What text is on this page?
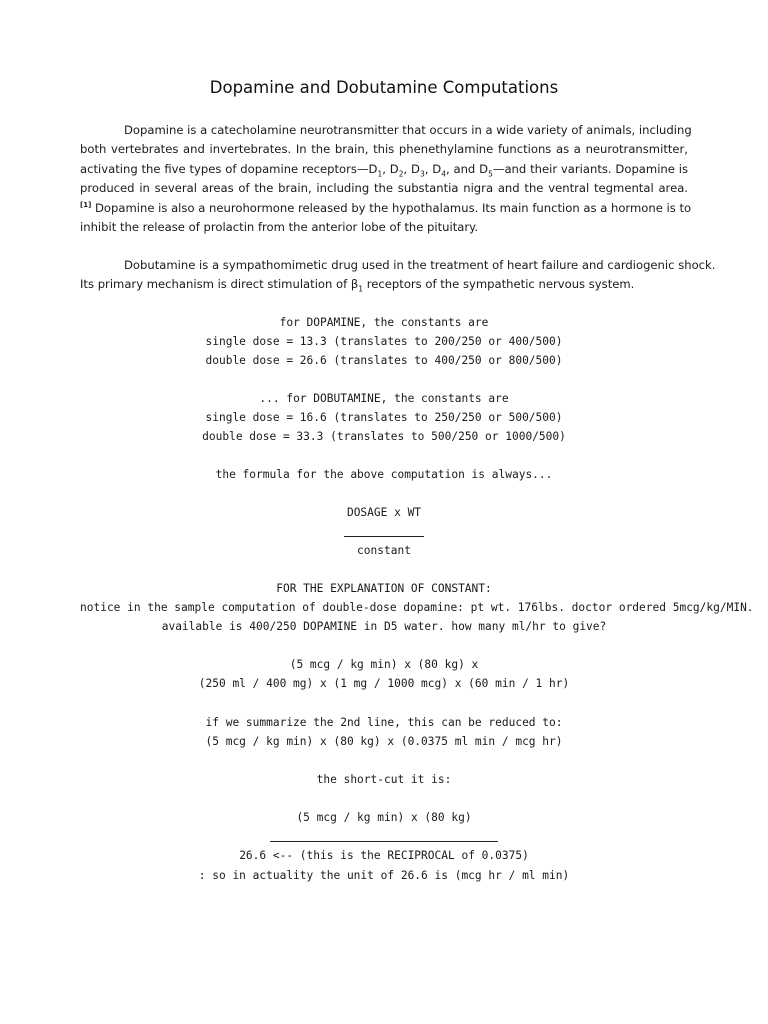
Dopamine and Dobutamine Computations
Dopamine is a catecholamine neurotransmitter that occurs in a wide variety of animals, including
both vertebrates and invertebrates. In the brain, this phenethylamine functions as a neurotransmitter,
activating the five types of dopamine $receptors—D_1$, $D_2$, $D_3$, $D_4$, and $D_5—and$ their variants. Dopamine is
produced in several areas of the brain, including the substantia nigra and the ventral tegmental area.
[1] Dopamine is also a neurohormone released by the hypothalamus. Its main function as a hormone is to
inhibit the release of prolactin from the anterior lobe of the pituitary.
Dobutamine is a sympathomimetic drug used in the treatment of heart failure and cardiogenic shock.
Its primary mechanism is direct stimulation of $\beta_1$ receptors of the sympathetic nervous system.
for DOPAMINE, the constants are
single dose = 13.3 (translates to 200/250 or 400/500)
double dose = 26.6 (translates to 400/250 or 800/500)
... for DOBUTAMINE, the constants are
single dose = 16.6 (translates to 250/250 or 500/500)
double dose = 33.3 (translates to 500/250 or 1000/500)
the formula for the above computation is always...
DOSAGE x WT
constant
FOR THE EXPLANATION OF CONSTANT:
notice in the sample computation of double-dose dopamine: pt wt. 176lbs. doctor ordered 5mcg/kg/MIN.
available is 400/250 DOPAMINE in D5 water. how many ml/hr to give?
(5 mcg / kg min) x (80 kg) x
(250 ml / 400 mg) x (1 mg / 1000 mcg) x (60 min / 1 hr)
if we summarize the 2nd line, this can be reduced to:
(5 mcg / kg min) x (80 kg) x (0.0375 ml min / mcg hr)
the short-cut it is:
(5 mcg / kg min) x (80 kg)
26.6 <-- (this is the RECIPROCAL of 0.0375)
: so in actuality the unit of 26.6 is (mcg hr / ml min)
